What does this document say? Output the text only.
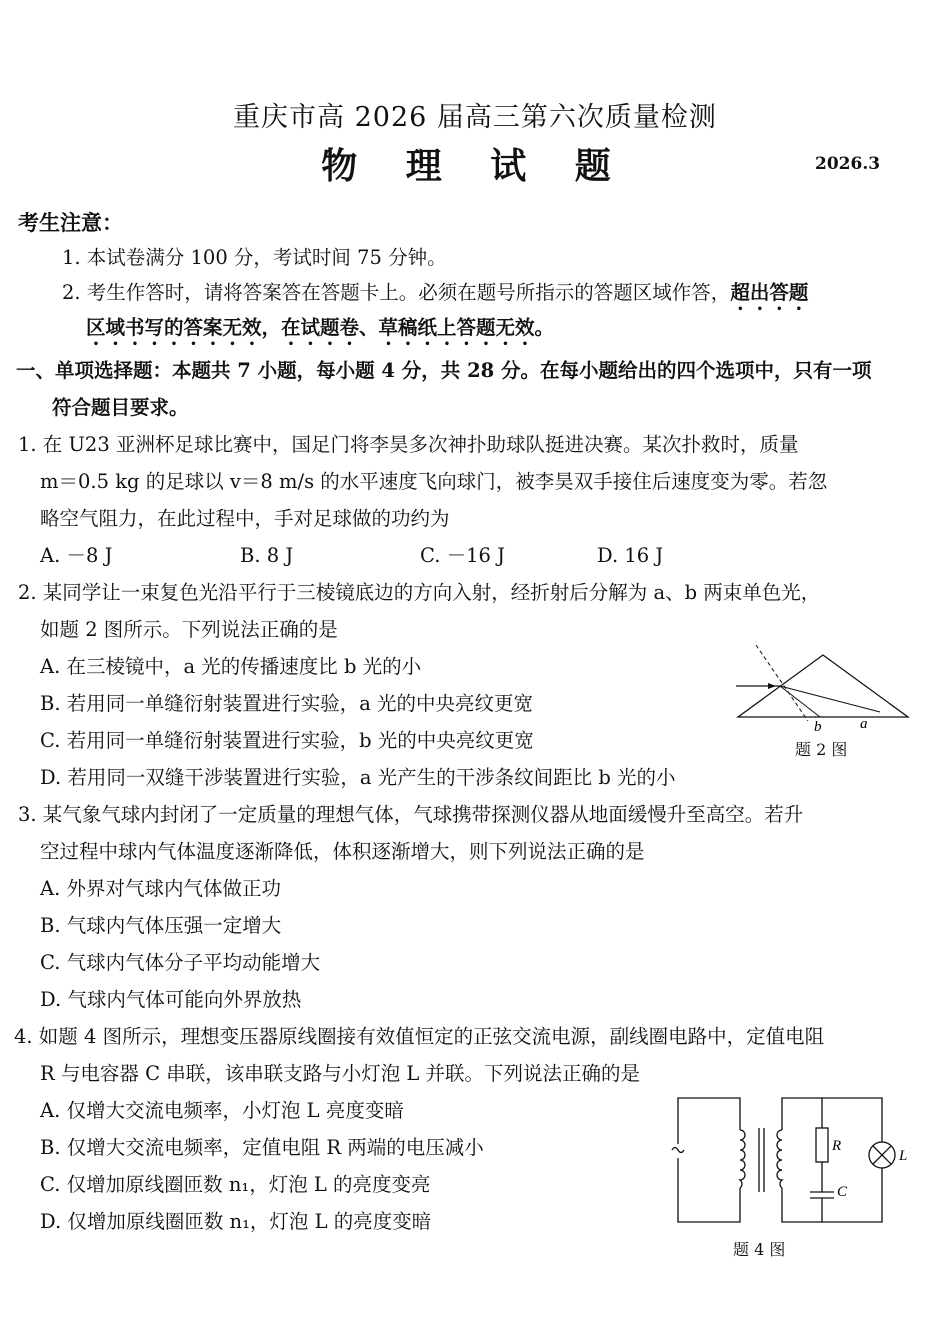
重庆市高 2026 届高三第六次质量检测
物 理 试 题	2026.3
考生注意：
1. 本试卷满分 100 分，考试时间 75 分钟。
2. 考生作答时，请将答案答在答题卡上。必须在题号所指示的答题区域作答，超出答题
区域书写的答案无效，在试题卷、草稿纸上答题无效。
一、单项选择题：本题共 7 小题，每小题 4 分，共 28 分。在每小题给出的四个选项中，只有一项
符合题目要求。
1. 在 U23 亚洲杯足球比赛中，国足门将李昊多次神扑助球队挺进决赛。某次扑救时，质量
m＝0.5 kg 的足球以 v＝8 m/s 的水平速度飞向球门，被李昊双手接住后速度变为零。若忽
略空气阻力，在此过程中，手对足球做的功约为
A. －8 J	B. 8 J	C. －16 J	D. 16 J
2. 某同学让一束复色光沿平行于三棱镜底边的方向入射，经折射后分解为 a、b 两束单色光，
如题 2 图所示。下列说法正确的是
A. 在三棱镜中，a 光的传播速度比 b 光的小
B. 若用同一单缝衍射装置进行实验，a 光的中央亮纹更宽
C. 若用同一单缝衍射装置进行实验，b 光的中央亮纹更宽
D. 若用同一双缝干涉装置进行实验，a 光产生的干涉条纹间距比 b 光的小
b	a
题 2 图
3. 某气象气球内封闭了一定质量的理想气体，气球携带探测仪器从地面缓慢升至高空。若升
空过程中球内气体温度逐渐降低，体积逐渐增大，则下列说法正确的是
A. 外界对气球内气体做正功
B. 气球内气体压强一定增大
C. 气球内气体分子平均动能增大
D. 气球内气体可能向外界放热
4. 如题 4 图所示，理想变压器原线圈接有效值恒定的正弦交流电源，副线圈电路中，定值电阻
R 与电容器 C 串联，该串联支路与小灯泡 L 并联。下列说法正确的是
A. 仅增大交流电频率，小灯泡 L 亮度变暗
B. 仅增大交流电频率，定值电阻 R 两端的电压减小
C. 仅增加原线圈匝数 n₁，灯泡 L 的亮度变亮
D. 仅增加原线圈匝数 n₁，灯泡 L 的亮度变暗
R
C
L
题 4 图
